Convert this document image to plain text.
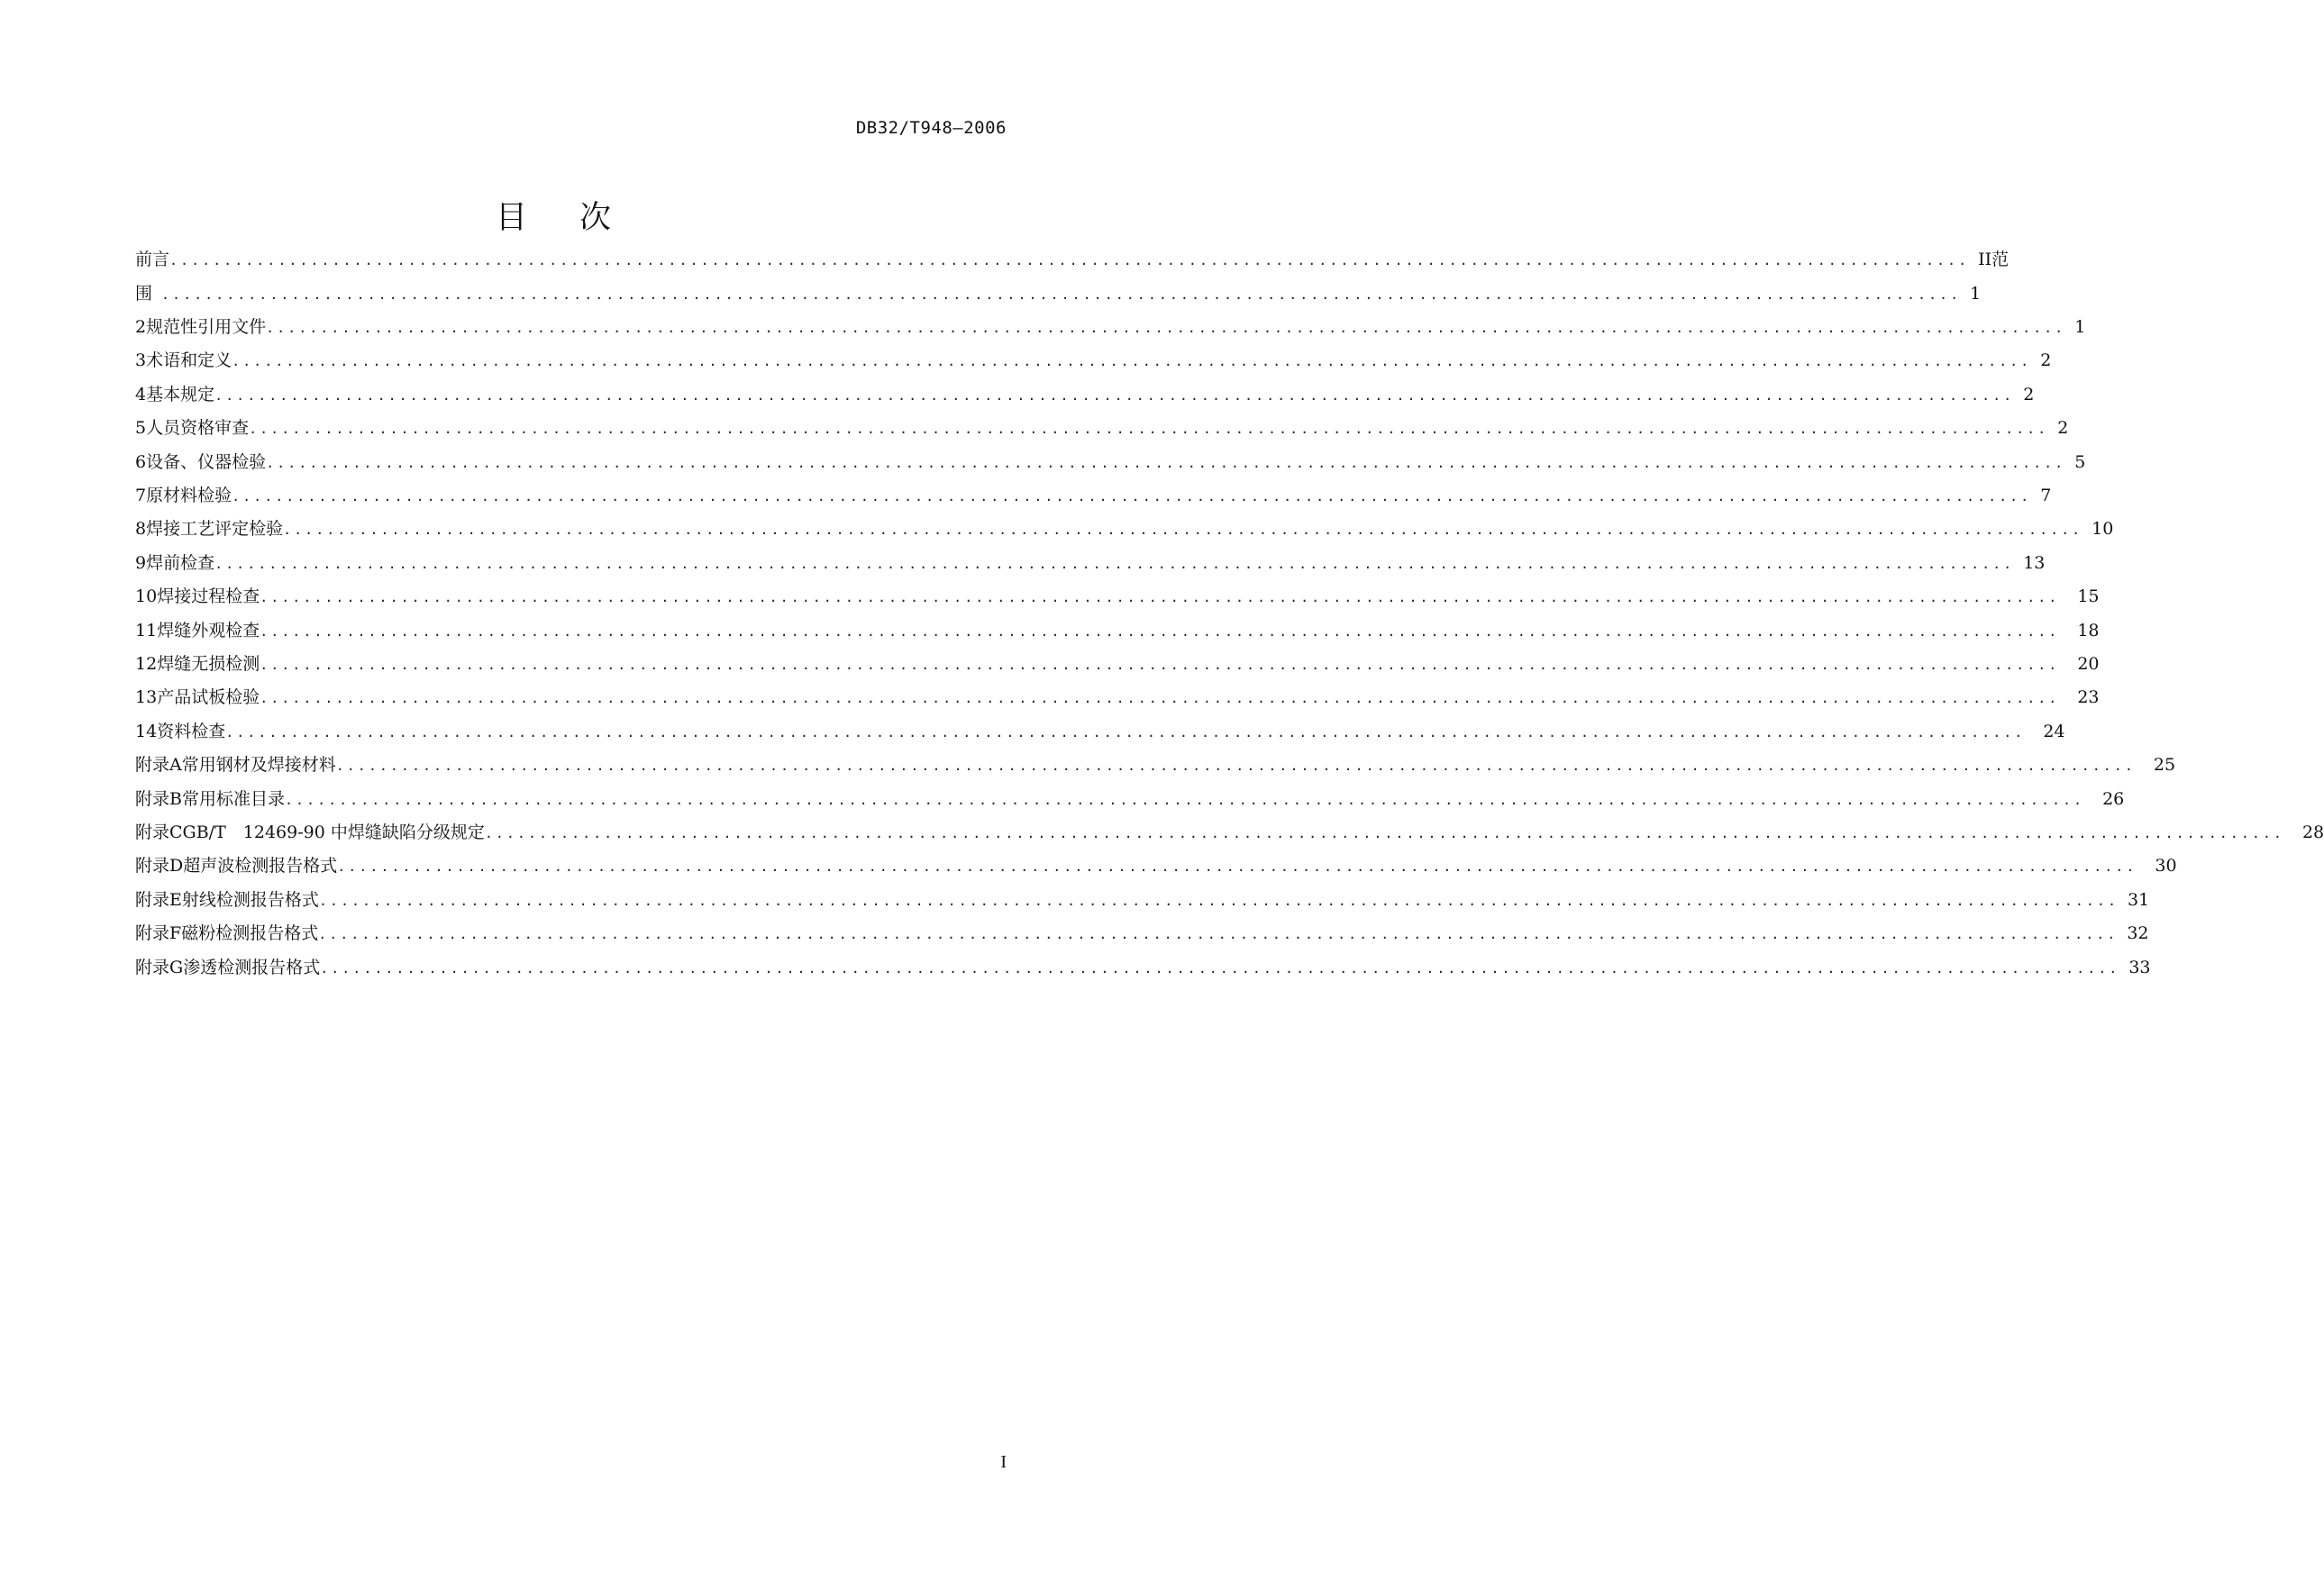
DB32/T948—2006
目次
前言 ...................................................................................................................................................................... II范
围 ...................................................................................................................................................................... 1
2 规范性引用文件 ...................................................................................................................................................................... 1
3 术语和定义 ...................................................................................................................................................................... 2
4 基本规定 ...................................................................................................................................................................... 2
5 人员资格审查 ...................................................................................................................................................................... 2
6 设备、仪器检验 ...................................................................................................................................................................... 5
7 原材料检验 ...................................................................................................................................................................... 7
8 焊接工艺评定检验 ...................................................................................................................................................................... 10
9 焊前检查 ...................................................................................................................................................................... 13
10 焊接过程检查 ......................................................................................................................................................................	15
11 焊缝外观检查 ......................................................................................................................................................................	18
12 焊缝无损检测 ......................................................................................................................................................................	20
13 产品试板检验 ......................................................................................................................................................................	23
14 资料检查 ......................................................................................................................................................................	24
附录A 常用钢材及焊接材料 ......................................................................................................................................................................	25
附录B 常用标准目录 ......................................................................................................................................................................	26
附录C GB/T　12469-90 中焊缝缺陷分级规定 ......................................................................................................................................................................	28
附录D 超声波检测报告格式 ......................................................................................................................................................................	30
附录E 射线检测报告格式 ...................................................................................................................................................................... 31
附录F 磁粉检测报告格式 ...................................................................................................................................................................... 32
附录G 渗透检测报告格式 ...................................................................................................................................................................... 33
I
